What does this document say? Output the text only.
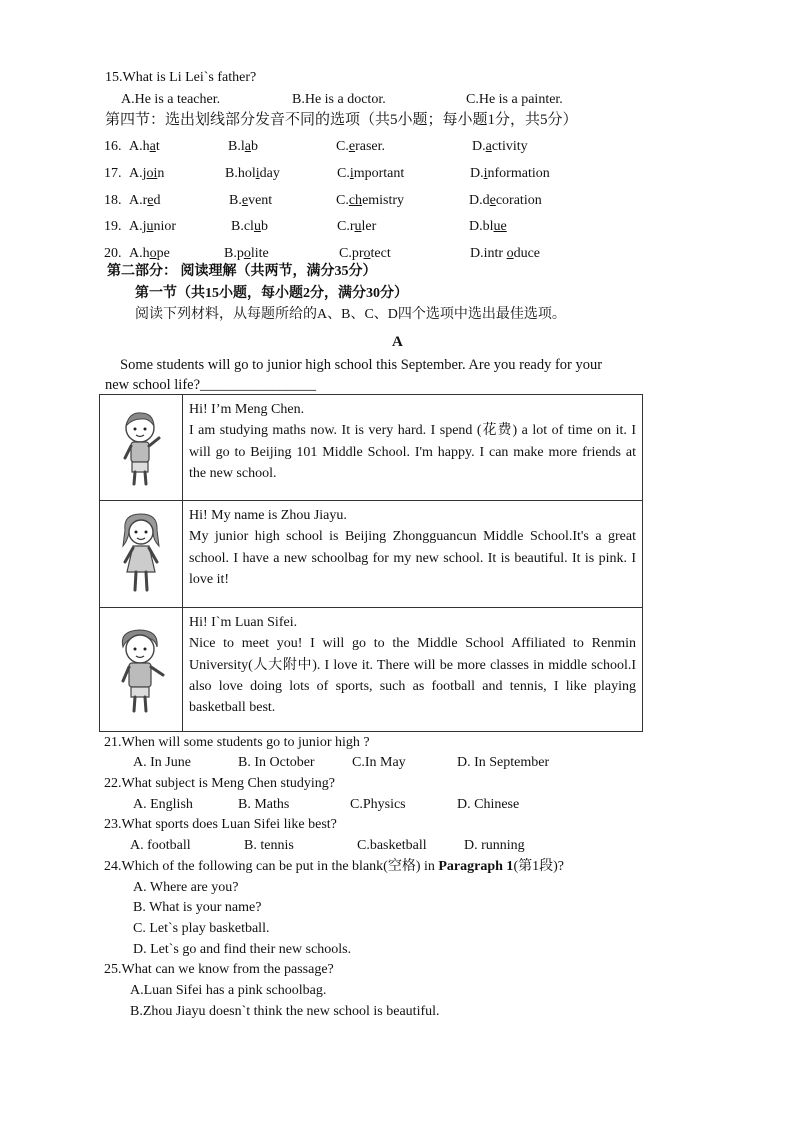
15.What is Li Lei`s father?
A.He is a teacher.	B.He is a doctor.	C.He is a painter.
第四节：选出划线部分发音不同的选项（共5小题；每小题1分，共5分）
16. A.hat	B.lab	C.eraser.	D.activity
17. A.join	B.holiday	C.important	D.information
18. A.red	B.event	C.chemistry	D.decoration
19. A.junior	B.club	C.ruler	D.blue
20. A.hope	B.polite	C.protect	D.intr oduce
第二部分： 阅读理解（共两节，满分35分）
第一节（共15小题，每小题2分，满分30分）
阅读下列材料，从每题所给的A、B、C、D四个选项中选出最佳选项。
A
Some students will go to junior high school this September. Are you ready for your
new school life?________________

Hi! I’m Meng Chen.

I am studying maths now. It is very hard. I spend (花费) a lot of time on it. I will go to Beijing 101 Middle School. I'm happy. I can make more friends at the new school.

Hi! My name is Zhou Jiayu.

My junior high school is Beijing Zhongguancun Middle School.It's a great school. I have a new schoolbag for my new school. It is beautiful. It is pink. I love it!

Hi! I`m Luan Sifei.

Nice to meet you! I will go to the Middle School Affiliated to Renmin University(人大附中). I love it. There will be more classes in middle school.I also love doing lots of sports, such as football and tennis, I like playing basketball best.

21.When will some students go to junior high ?
A. In June	B. In October	C.In May	D. In September
22.What subject is Meng Chen studying?
A. English	B. Maths	C.Physics	D. Chinese
23.What sports does Luan Sifei like best?
A. football	B. tennis	C.basketball	D. running
24.Which of the following can be put in the blank(空格) in Paragraph 1(第1段)?
A. Where are you?
B. What is your name?
C. Let`s play basketball.
D. Let`s go and find their new schools.
25.What can we know from the passage?
A.Luan Sifei has a pink schoolbag.
B.Zhou Jiayu doesn`t think the new school is beautiful.
